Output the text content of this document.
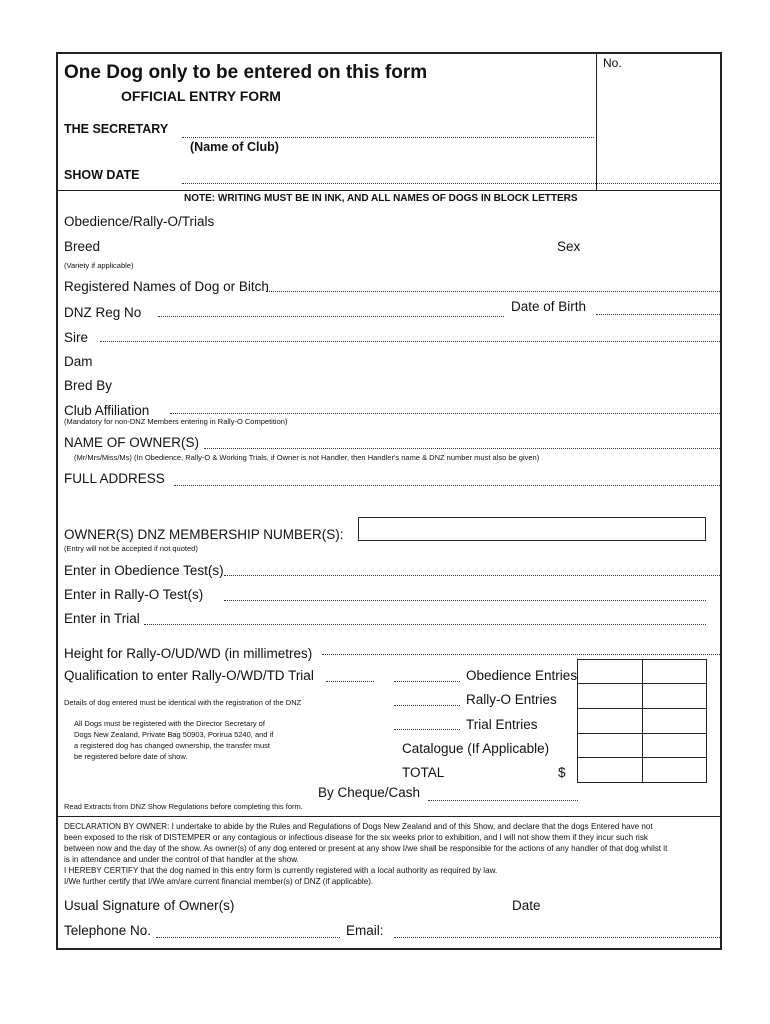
No.
One Dog only to be entered on this form
OFFICIAL ENTRY FORM
THE SECRETARY
(Name of Club)
SHOW DATE
NOTE: WRITING MUST BE IN INK, AND ALL NAMES OF DOGS IN BLOCK LETTERS
Obedience/Rally-O/Trials
Breed	Sex
(Variety if applicable)
Registered Names of Dog or Bitch
DNZ Reg No	Date of Birth
Sire
Dam
Bred By
Club Affiliation
(Mandatory for non-DNZ Members entering in Rally-O Competition)
NAME OF OWNER(S)
(Mr/Mrs/Miss/Ms) (In Obedience, Rally-O & Working Trials, if Owner is not Handler, then Handler's name & DNZ number must also be given)
FULL ADDRESS
OWNER(S) DNZ MEMBERSHIP NUMBER(S):
(Entry will not be accepted if not quoted)
Enter in Obedience Test(s)
Enter in Rally-O Test(s)
Enter in Trial
Height for Rally-O/UD/WD (in millimetres)
Qualification to enter Rally-O/WD/TD Trial
Details of dog entered must be identical with the registration of the DNZ
All Dogs must be registered with the Director Secretary of
Dogs New Zealand, Private Bag 50903, Porirua 5240, and if
a registered dog has changed ownership, the transfer must
be registered before date of show.
Obedience Entries
Rally-O Entries
Trial Entries
Catalogue (If Applicable)
TOTAL	$
By Cheque/Cash
Read Extracts from DNZ Show Regulations before completing this form.
DECLARATION BY OWNER: I undertake to abide by the Rules and Regulations of Dogs New Zealand and of this Show, and declare that the dogs Entered have not
been exposed to the risk of DISTEMPER or any contagious or infectious disease for the six weeks prior to exhibition, and I will not show them if they incur such risk
between now and the day of the show. As owner(s) of any dog entered or present at any show I/we shall be responsible for the actions of any handler of that dog whilst it
is in attendance and under the control of that handler at the show.
I HEREBY CERTIFY that the dog named in this entry form is currently registered with a local authority as required by law.
I/We further certify that I/We am/are current financial member(s) of DNZ (if applicable).
Usual Signature of Owner(s)	Date
Telephone No.	Email:
